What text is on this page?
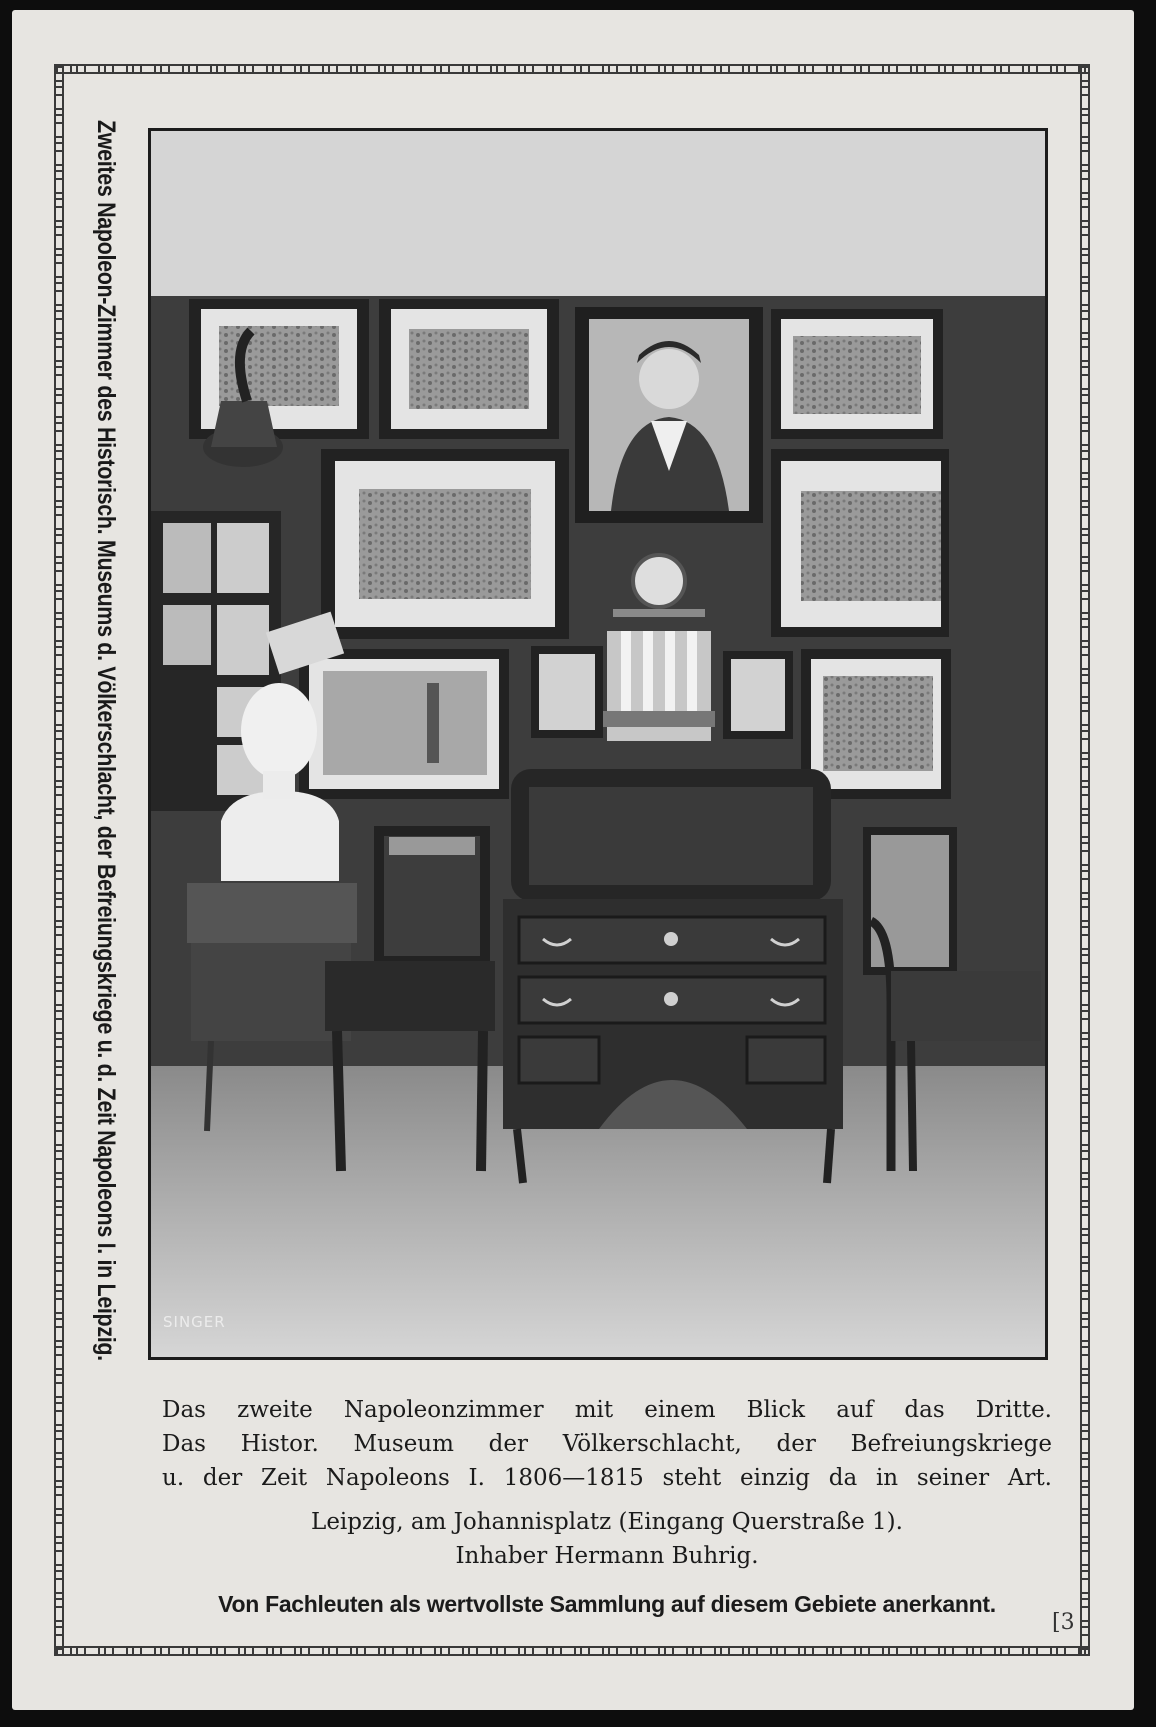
Zweites Napoleon-Zimmer des Historisch. Museums d. Völkerschlacht, der Befreiungskriege u. d. Zeit Napoleons I. in Leipzig.	SINGER
Das zweite Napoleonzimmer mit einem Blick auf das Dritte.
Das Histor. Museum der Völkerschlacht, der Befreiungskriege
u. der Zeit Napoleons I. 1806—1815 steht einzig da in seiner Art.
Leipzig, am Johannisplatz (Eingang Querstraße 1).
Inhaber Hermann Buhrig.
Von Fachleuten als wertvollste Sammlung auf diesem Gebiete anerkannt.
[3
